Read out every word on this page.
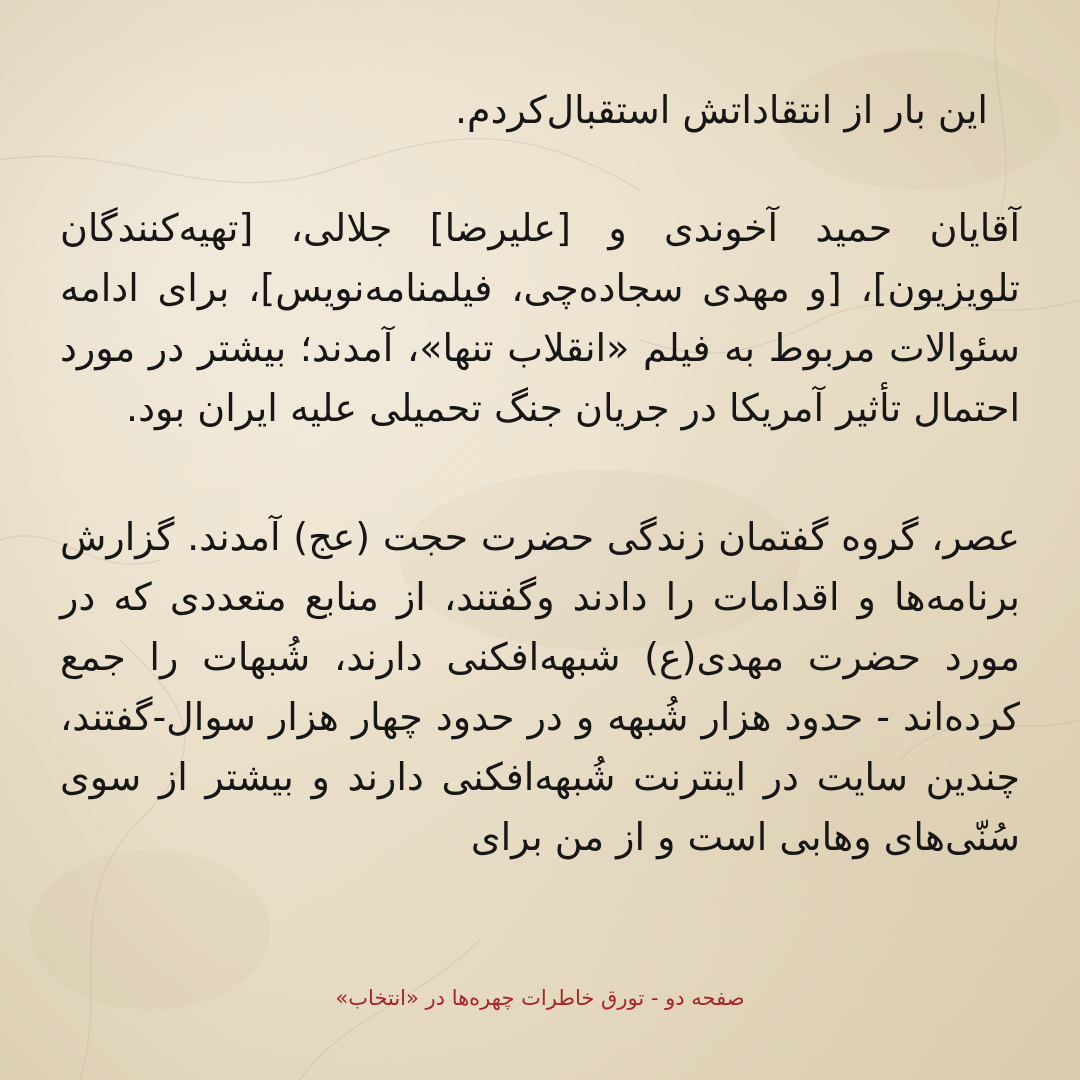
این بار از انتقاداتش استقبال‌کردم.

آقایان حمید آخوندی و [علیرضا] جلالی، [تهیه‌کنندگان تلویزیون]، [و مهدی سجاده‌چی، فیلمنامه‌نویس]، برای ادامه سئوالات مربوط به فیلم «انقلاب تنها»، آمدند؛ بیشتر در مورد احتمال تأثیر آمریکا در جریان جنگ تحمیلی علیه ایران بود.

عصر، گروه گفتمان زندگی حضرت حجت (عج) آمدند. گزارش برنامه‌ها و اقدامات را دادند وگفتند، از منابع متعددی که در مورد حضرت مهدی(ع) شبهه‌افکنی دارند، شُبهات را جمع کرده‌اند - حدود هزار شُبهه و در حدود چهار هزار سوال-گفتند، چندین سایت در اینترنت شُبهه‌افکنی دارند و بیشتر از سوی سُنّی‌های وهابی است و از من برای

صفحه دو - تورق خاطرات چهره‌ها در «انتخاب»
